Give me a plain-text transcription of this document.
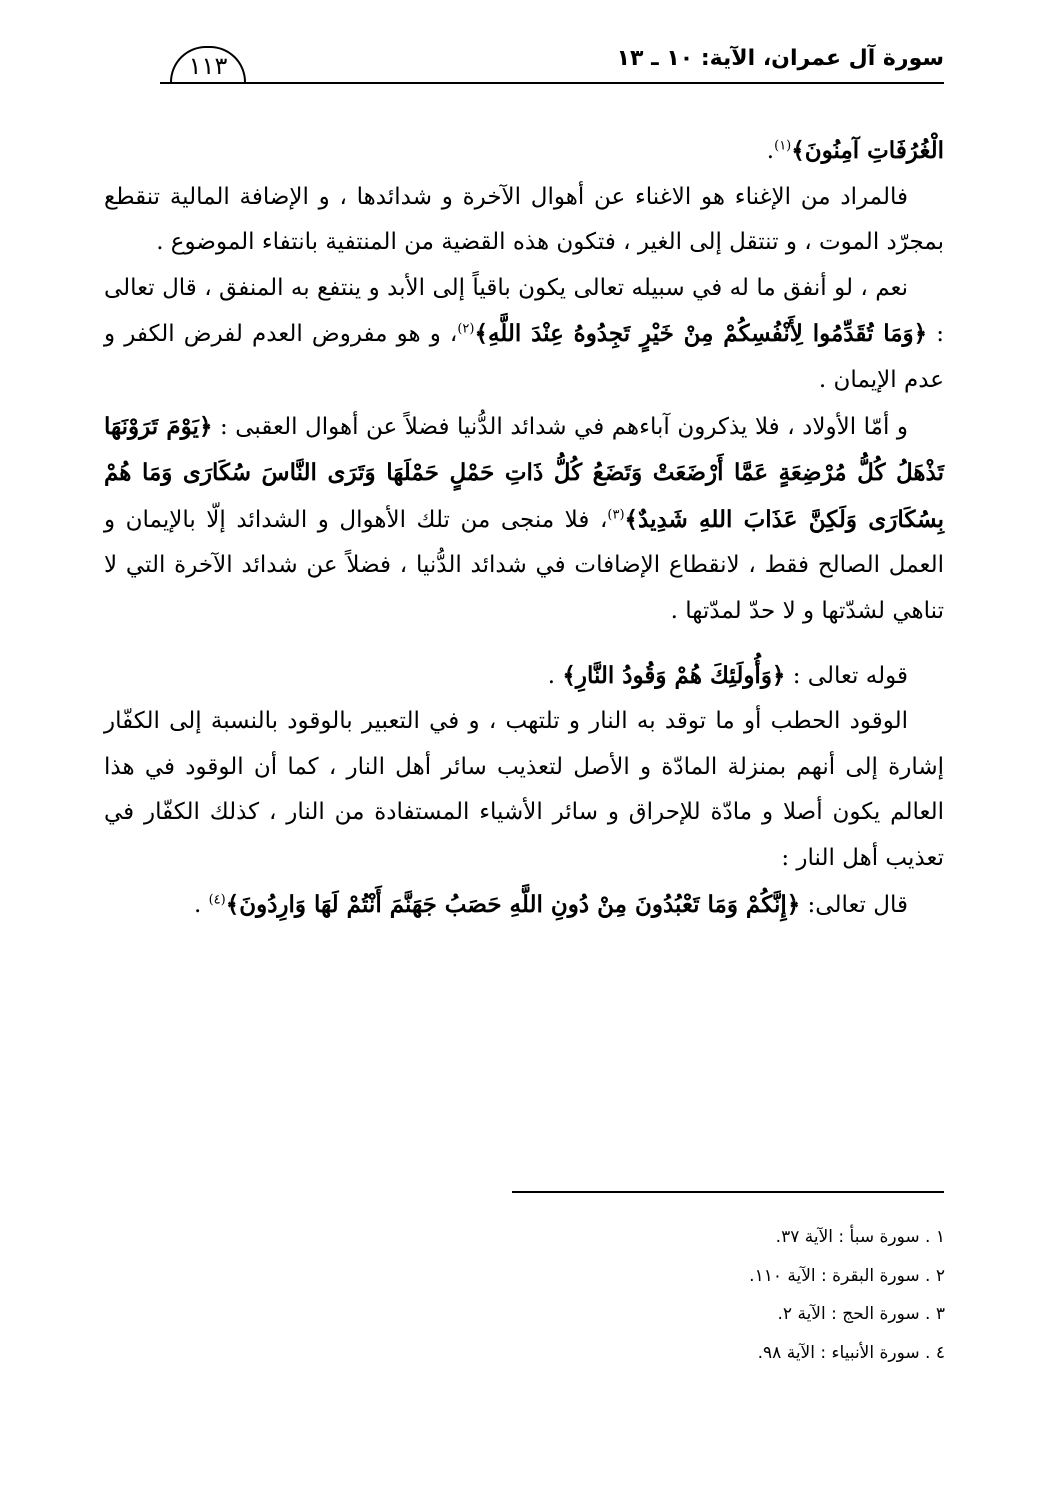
سورة آل عمران، الآية: ١٠ ـ ١٣
١١٣

الْغُرُفَاتِ آمِنُونَ﴾$^{(١)}$.

فالمراد من الإغناء هو الاغناء عن أهوال الآخرة و شدائدها ، و الإضافة المالية تنقطع بمجرّد الموت ، و تنتقل إلى الغير ، فتكون هذه القضية من المنتفية بانتفاء الموضوع .

نعم ، لو أنفق ما له في سبيله تعالى يكون باقياً إلى الأبد و ينتفع به المنفق ، قال تعالى : ﴿وَمَا تُقَدِّمُوا لِأَنْفُسِكُمْ مِنْ خَيْرٍ تَجِدُوهُ عِنْدَ اللَّهِ﴾$^{(٢)}$، و هو مفروض العدم لفرض الكفر و عدم الإيمان .

و أمّا الأولاد ، فلا يذكرون آباءهم في شدائد الدُّنيا فضلاً عن أهوال العقبى : ﴿يَوْمَ تَرَوْنَهَا تَذْهَلُ كُلُّ مُرْضِعَةٍ عَمَّا أَرْضَعَتْ وَتَضَعُ كُلُّ ذَاتِ حَمْلٍ حَمْلَهَا وَتَرَى النَّاسَ سُكَارَى وَمَا هُمْ بِسُكَارَى وَلَكِنَّ عَذَابَ اللهِ شَدِيدٌ﴾$^{(٣)}$، فلا منجى من تلك الأهوال و الشدائد إلّا بالإيمان و العمل الصالح فقط ، لانقطاع الإضافات في شدائد الدُّنيا ، فضلاً عن شدائد الآخرة التي لا تناهي لشدّتها و لا حدّ لمدّتها .

قوله تعالى : ﴿وَأُولَئِكَ هُمْ وَقُودُ النَّارِ﴾ .

الوقود الحطب أو ما توقد به النار و تلتهب ، و في التعبير بالوقود بالنسبة إلى الكفّار إشارة إلى أنهم بمنزلة المادّة و الأصل لتعذيب سائر أهل النار ، كما أن الوقود في هذا العالم يكون أصلا و مادّة للإحراق و سائر الأشياء المستفادة من النار ، كذلك الكفّار في تعذيب أهل النار :

قال تعالى: ﴿إِنَّكُمْ وَمَا تَعْبُدُونَ مِنْ دُونِ اللَّهِ حَصَبُ جَهَنَّمَ أَنْتُمْ لَهَا وَارِدُونَ﴾$^{(٤)}$ .

١ . سورة سبأ : الآية ٣٧.
٢ . سورة البقرة : الآية ١١٠.
٣ . سورة الحج : الآية ٢.
٤ . سورة الأنبياء : الآية ٩٨.
